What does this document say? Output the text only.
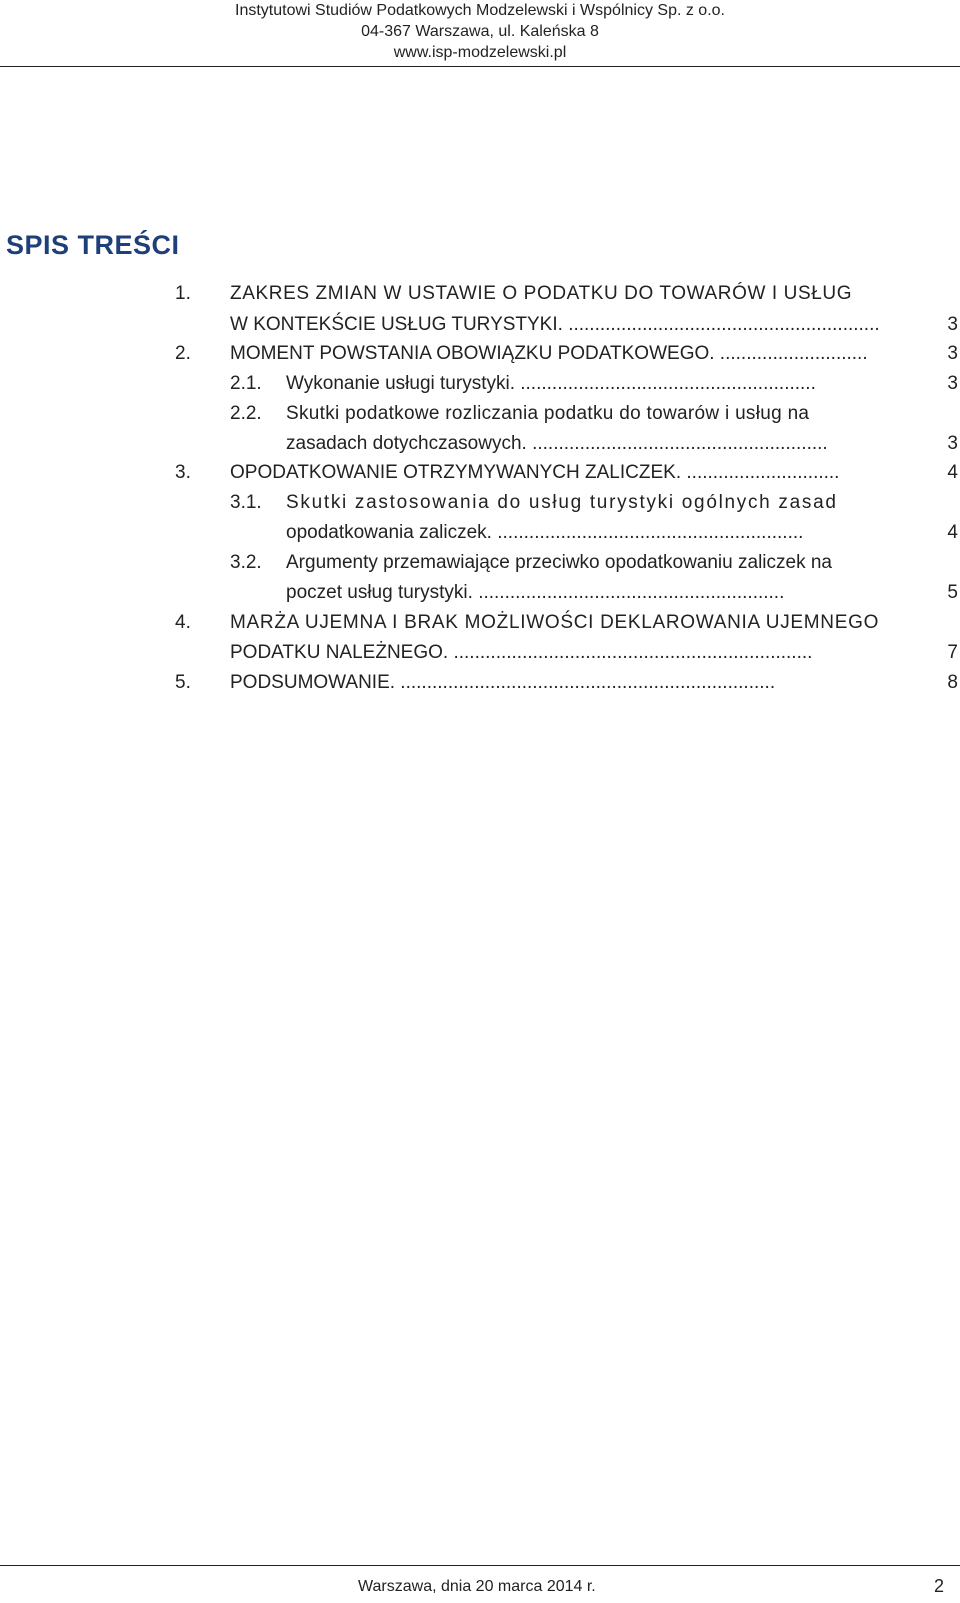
Instytutowi Studiów Podatkowych Modzelewski i Wspólnicy Sp. z o.o.
04-367 Warszawa, ul. Kaleńska 8
www.isp-modzelewski.pl
SPIS TREŚCI
1. ZAKRES ZMIAN W USTAWIE O PODATKU DO TOWARÓW I USŁUG
W KONTEKŚCIE USŁUG TURYSTYKI. ...........................................................	3
2. MOMENT POWSTANIA OBOWIĄZKU PODATKOWEGO. ............................	3
2.1. Wykonanie usługi turystyki. ........................................................	3
2.2. Skutki podatkowe rozliczania podatku do towarów i usług na
zasadach dotychczasowych. ........................................................	3
3. OPODATKOWANIE OTRZYMYWANYCH ZALICZEK. .............................	4
3.1. Skutki zastosowania do usług turystyki ogólnych zasad
opodatkowania zaliczek. ..........................................................	4
3.2. Argumenty przemawiające przeciwko opodatkowaniu zaliczek na
poczet usług turystyki. ..........................................................	5
4. MARŻA UJEMNA I BRAK MOŻLIWOŚCI DEKLAROWANIA UJEMNEGO
PODATKU NALEŻNEGO. ....................................................................	7
5. PODSUMOWANIE. .......................................................................	8
Warszawa, dnia 20 marca 2014 r.	2
